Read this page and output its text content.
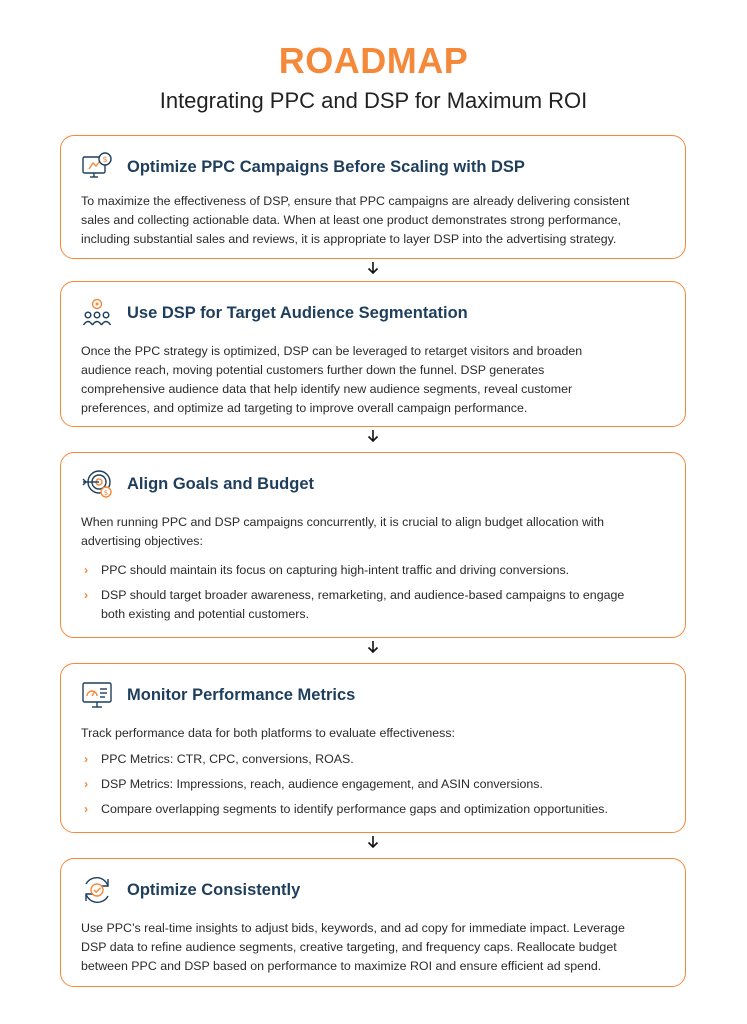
ROADMAP
Integrating PPC and DSP for Maximum ROI
$ Optimize PPC Campaigns Before Scaling with DSP

To maximize the effectiveness of DSP, ensure that PPC campaigns are already delivering consistent

sales and collecting actionable data. When at least one product demonstrates strong performance,

including substantial sales and reviews, it is appropriate to layer DSP into the advertising strategy.

Use DSP for Target Audience Segmentation

Once the PPC strategy is optimized, DSP can be leveraged to retarget visitors and broaden

audience reach, moving potential customers further down the funnel. DSP generates

comprehensive audience data that help identify new audience segments, reveal customer

preferences, and optimize ad targeting to improve overall campaign performance.

$
Align Goals and Budget

When running PPC and DSP campaigns concurrently, it is crucial to align budget allocation with

advertising objectives:

› PPC should maintain its focus on capturing high-intent traffic and driving conversions.
› DSP should target broader awareness, remarketing, and audience-based campaigns to engage
both existing and potential customers.
Monitor Performance Metrics

Track performance data for both platforms to evaluate effectiveness:

› PPC Metrics: CTR, CPC, conversions, ROAS.
› DSP Metrics: Impressions, reach, audience engagement, and ASIN conversions.
› Compare overlapping segments to identify performance gaps and optimization opportunities.
Optimize Consistently

Use PPC’s real-time insights to adjust bids, keywords, and ad copy for immediate impact. Leverage

DSP data to refine audience segments, creative targeting, and frequency caps. Reallocate budget

between PPC and DSP based on performance to maximize ROI and ensure efficient ad spend.
